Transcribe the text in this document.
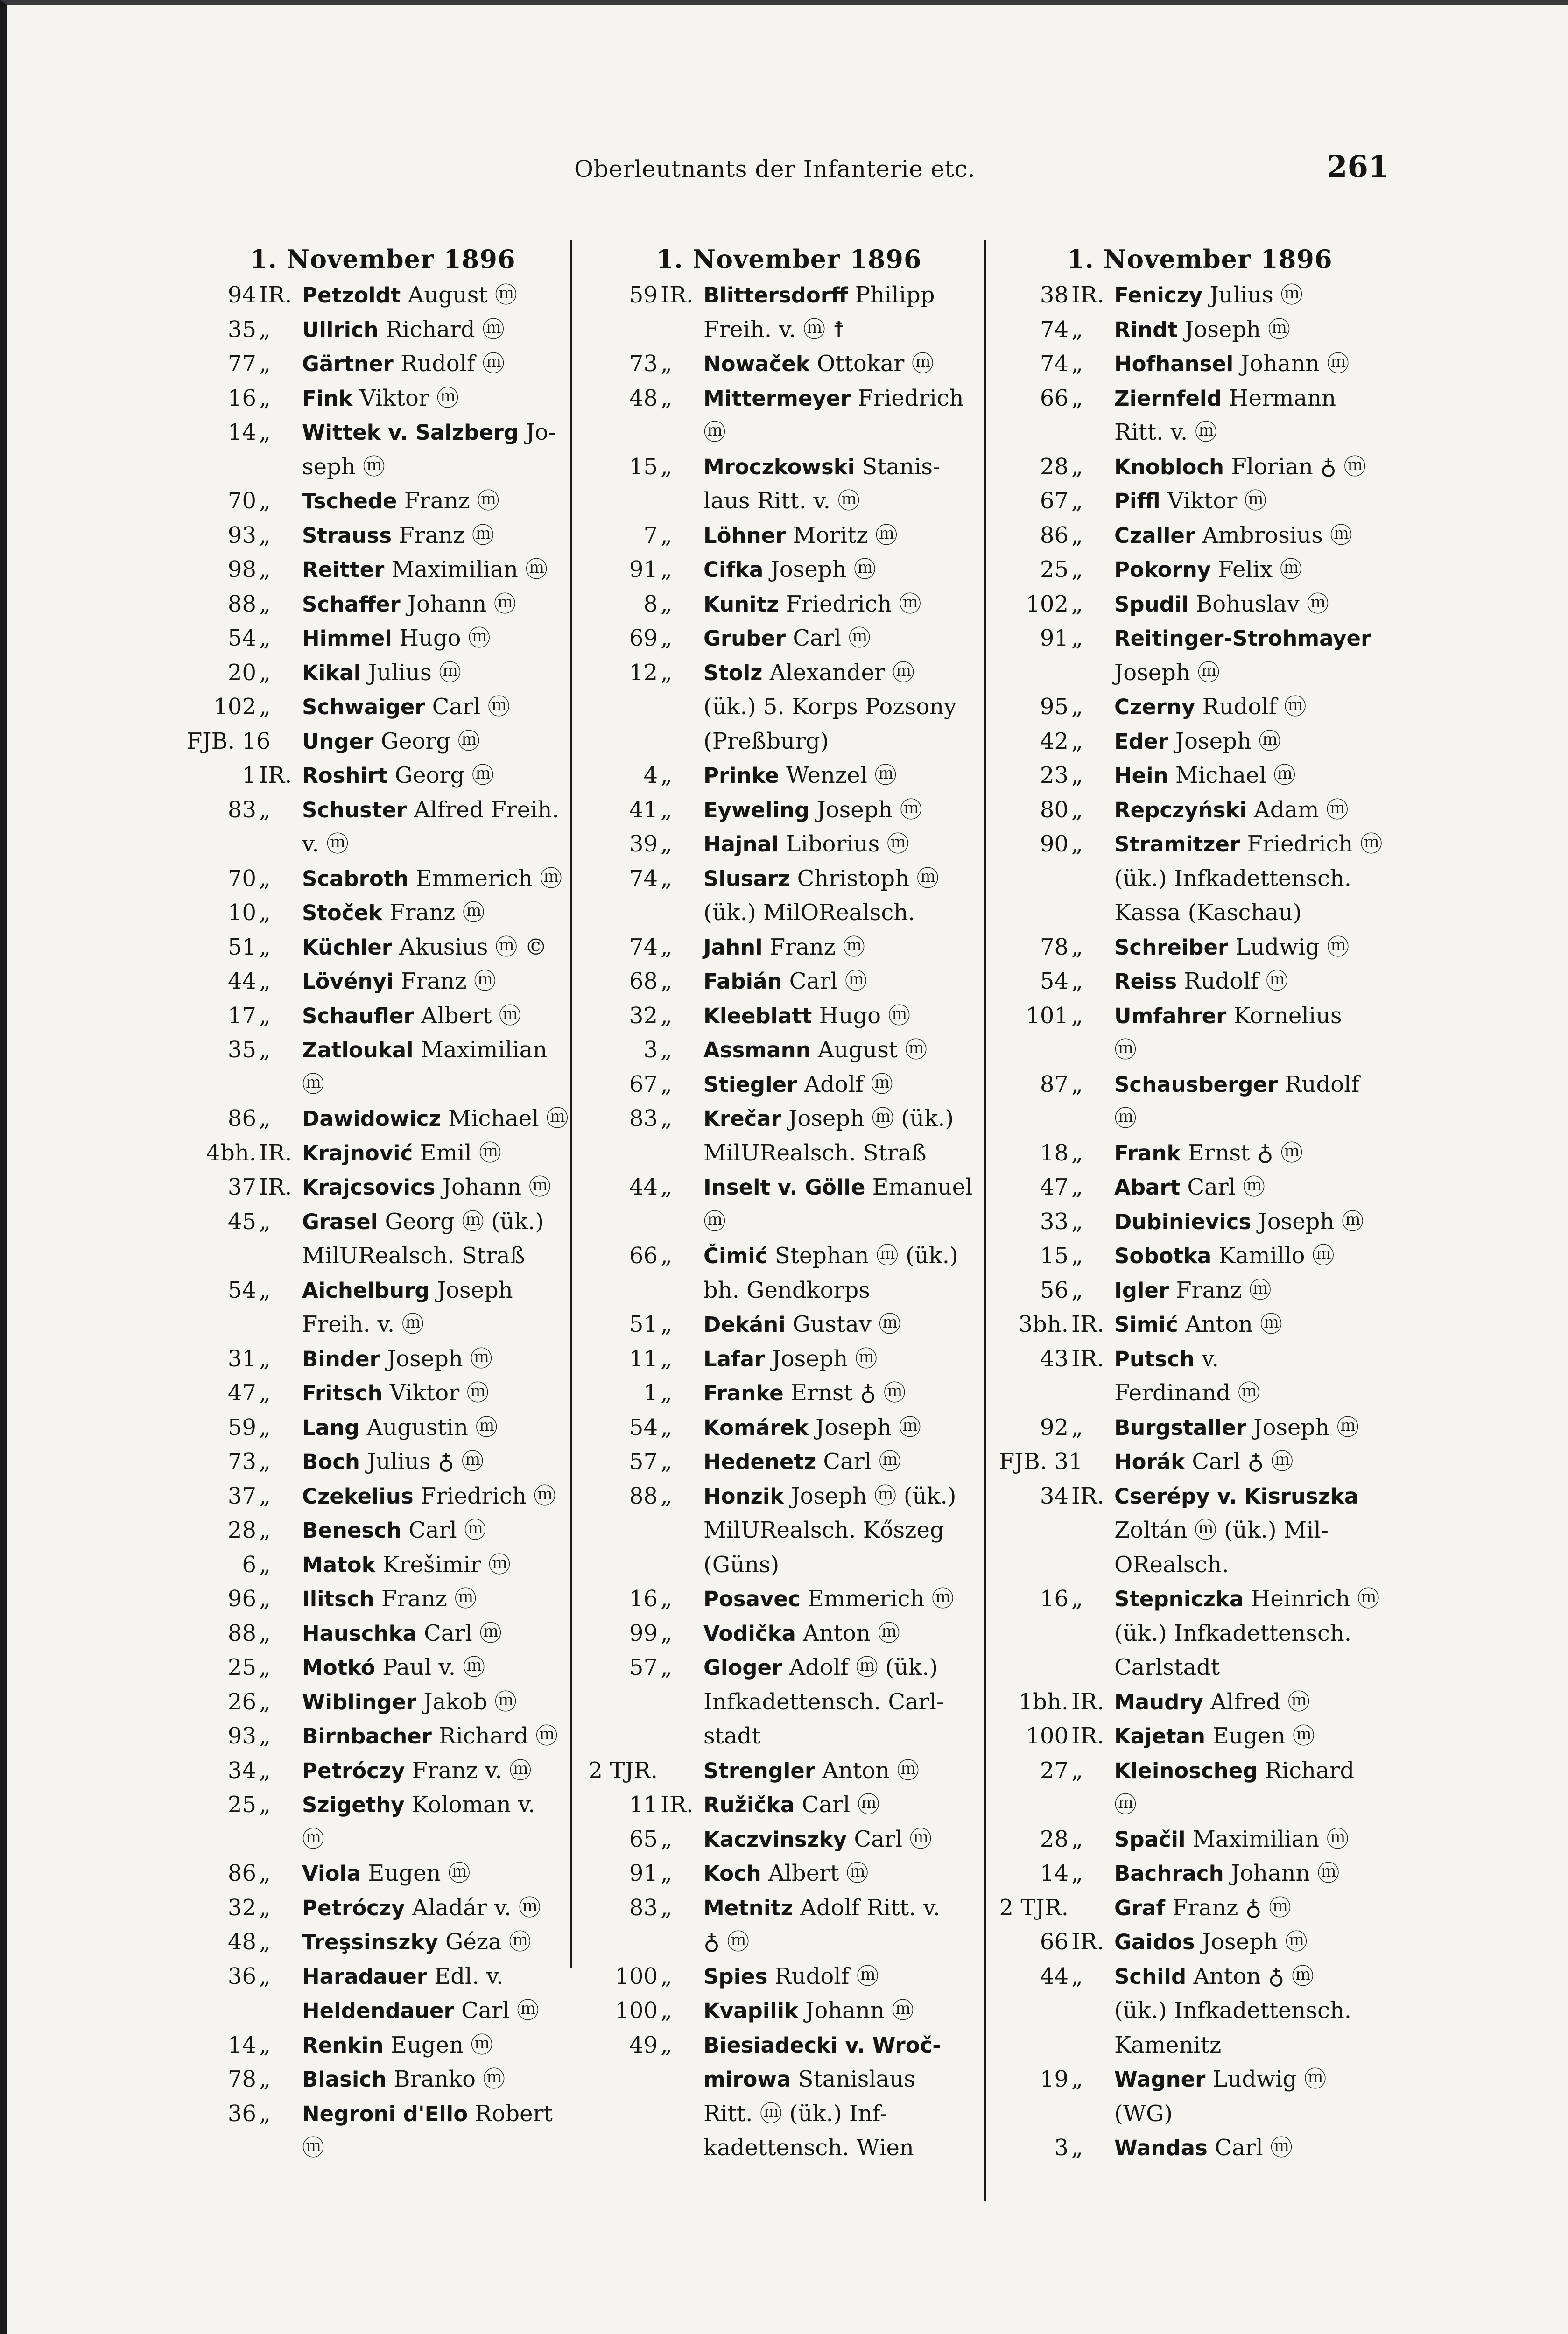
Oberleutnants der Infanterie etc.	261
1. November 1896
94 IR. Petzoldt August ⓜ
35 „	Ullrich Richard ⓜ
77 „	Gärtner Rudolf ⓜ
16 „	Fink Viktor ⓜ
14 „	Wittek v. Salzberg Jo-
seph ⓜ
70 „	Tschede Franz ⓜ
93 „	Strauss Franz ⓜ
98 „	Reitter Maximilian ⓜ
88 „	Schaffer Johann ⓜ
54 „	Himmel Hugo ⓜ
20 „	Kikal Julius ⓜ
102 „	Schwaiger Carl ⓜ
FJB. 16 Unger Georg ⓜ
1 IR. Roshirt Georg ⓜ
83 „	Schuster Alfred Freih.
v. ⓜ
70 „	Scabroth Emmerich ⓜ
10 „	Stoček Franz ⓜ
51 „	Küchler Akusius ⓜ ©
44 „	Lövényi Franz ⓜ
17 „	Schaufler Albert ⓜ
35 „	Zatloukal Maximilian
ⓜ
86 „	Dawidowicz Michael ⓜ
4bh. IR. Krajnović Emil ⓜ
37 IR. Krajcsovics Johann ⓜ
45 „	Grasel Georg ⓜ (ük.)
MilURealsch. Straß
54 „	Aichelburg Joseph
Freih. v. ⓜ
31 „	Binder Joseph ⓜ
47 „	Fritsch Viktor ⓜ
59 „	Lang Augustin ⓜ
73 „	Boch Julius ♁ ⓜ
37 „	Czekelius Friedrich ⓜ
28 „	Benesch Carl ⓜ
6 „	Matok Krešimir ⓜ
96 „	Ilitsch Franz ⓜ
88 „	Hauschka Carl ⓜ
25 „	Motkó Paul v. ⓜ
26 „	Wiblinger Jakob ⓜ
93 „	Birnbacher Richard ⓜ
34 „	Petróczy Franz v. ⓜ
25 „	Szigethy Koloman v.
ⓜ
86 „	Viola Eugen ⓜ
32 „	Petróczy Aladár v. ⓜ
48 „	Treşsinszky Géza ⓜ
36 „	Haradauer Edl. v.
Heldendauer Carl ⓜ
14 „	Renkin Eugen ⓜ
78 „	Blasich Branko ⓜ
36 „	Negroni d'Ello Robert
ⓜ
1. November 1896
59 IR. Blittersdorff Philipp
Freih. v. ⓜ ☨
73 „	Nowaček Ottokar ⓜ
48 „	Mittermeyer Friedrich
ⓜ
15 „	Mroczkowski Stanis-
laus Ritt. v. ⓜ
7 „	Löhner Moritz ⓜ
91 „	Cifka Joseph ⓜ
8 „	Kunitz Friedrich ⓜ
69 „	Gruber Carl ⓜ
12 „	Stolz Alexander ⓜ
(ük.) 5. Korps Pozsony
(Preßburg)
4 „	Prinke Wenzel ⓜ
41 „	Eyweling Joseph ⓜ
39 „	Hajnal Liborius ⓜ
74 „	Slusarz Christoph ⓜ
(ük.) MilORealsch.
74 „	Jahnl Franz ⓜ
68 „	Fabián Carl ⓜ
32 „	Kleeblatt Hugo ⓜ
3 „	Assmann August ⓜ
67 „	Stiegler Adolf ⓜ
83 „	Krečar Joseph ⓜ (ük.)
MilURealsch. Straß
44 „	Inselt v. Gölle Emanuel
ⓜ
66 „	Čimić Stephan ⓜ (ük.)
bh. Gendkorps
51 „	Dekáni Gustav ⓜ
11 „	Lafar Joseph ⓜ
1 „	Franke Ernst ♁ ⓜ
54 „	Komárek Joseph ⓜ
57 „	Hedenetz Carl ⓜ
88 „	Honzik Joseph ⓜ (ük.)
MilURealsch. Kőszeg
(Güns)
16 „	Posavec Emmerich ⓜ
99 „	Vodička Anton ⓜ
57 „	Gloger Adolf ⓜ (ük.)
Infkadettensch. Carl-
stadt
2 TJR. Strengler Anton ⓜ
11 IR. Ružička Carl ⓜ
65 „	Kaczvinszky Carl ⓜ
91 „	Koch Albert ⓜ
83 „	Metnitz Adolf Ritt. v.
♁ ⓜ
100 „	Spies Rudolf ⓜ
100 „	Kvapilik Johann ⓜ
49 „	Biesiadecki v. Wroč-
mirowa Stanislaus
Ritt. ⓜ (ük.) Inf-
kadettensch. Wien
1. November 1896
38 IR. Feniczy Julius ⓜ
74 „	Rindt Joseph ⓜ
74 „	Hofhansel Johann ⓜ
66 „	Ziernfeld Hermann
Ritt. v. ⓜ
28 „	Knobloch Florian ♁ ⓜ
67 „	Piffl Viktor ⓜ
86 „	Czaller Ambrosius ⓜ
25 „	Pokorny Felix ⓜ
102 „	Spudil Bohuslav ⓜ
91 „	Reitinger-Strohmayer
Joseph ⓜ
95 „	Czerny Rudolf ⓜ
42 „	Eder Joseph ⓜ
23 „	Hein Michael ⓜ
80 „	Repczyński Adam ⓜ
90 „	Stramitzer Friedrich ⓜ
(ük.) Infkadettensch.
Kassa (Kaschau)
78 „	Schreiber Ludwig ⓜ
54 „	Reiss Rudolf ⓜ
101 „	Umfahrer Kornelius
ⓜ
87 „	Schausberger Rudolf
ⓜ
18 „	Frank Ernst ♁ ⓜ
47 „	Abart Carl ⓜ
33 „	Dubinievics Joseph ⓜ
15 „	Sobotka Kamillo ⓜ
56 „	Igler Franz ⓜ
3bh. IR. Simić Anton ⓜ
43 IR. Putsch v.
Ferdinand ⓜ
92 „	Burgstaller Joseph ⓜ
FJB. 31 Horák Carl ♁ ⓜ
34 IR. Cserépy v. Kisruszka
Zoltán ⓜ (ük.) Mil-
ORealsch.
16 „	Stepniczka Heinrich ⓜ
(ük.) Infkadettensch.
Carlstadt
1bh. IR. Maudry Alfred ⓜ
100 IR. Kajetan Eugen ⓜ
27 „	Kleinoscheg Richard
ⓜ
28 „	Spačil Maximilian ⓜ
14 „	Bachrach Johann ⓜ
2 TJR. Graf Franz ♁ ⓜ
66 IR. Gaidos Joseph ⓜ
44 „	Schild Anton ♁ ⓜ
(ük.) Infkadettensch.
Kamenitz
19 „	Wagner Ludwig ⓜ
(WG)
3 „	Wandas Carl ⓜ
